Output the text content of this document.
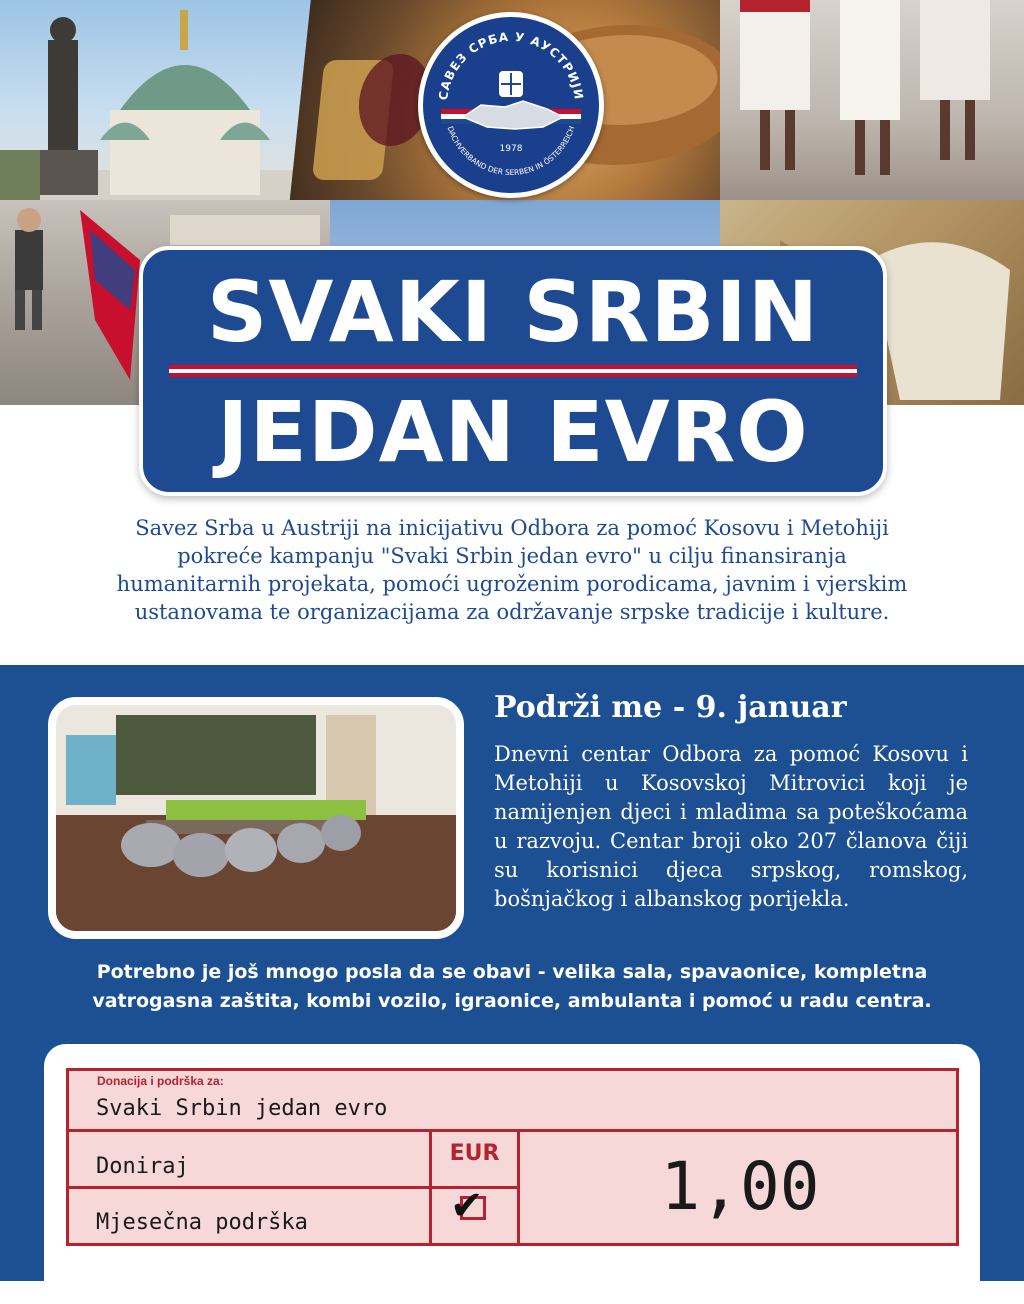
САВЕЗ СРБА У АУСТРИЈИ
DACHVERBAND DER SERBEN IN ÖSTERREICH
1978
SVAKI SRBIN
JEDAN EVRO
Savez Srba u Austriji na inicijativu Odbora za pomoć Kosovu i Metohiji
pokreće kampanju "Svaki Srbin jedan evro" u cilju finansiranja
humanitarnih projekata, pomoći ugroženim porodicama, javnim i vjerskim
ustanovama te organizacijama za održavanje srpske tradicije i kulture.
Podrži me - 9. januar
Dnevni centar Odbora za pomoć Kosovu i Metohiji u Kosovskoj Mitrovici koji je namijenjen djeci i mladima sa poteškoćama u razvoju. Centar broji oko 207 članova čiji su korisnici djeca srpskog, romskog, bošnjačkog i albanskog porijekla.
Potrebno je još mnogo posla da se obavi - velika sala, spavaonice, kompletna
vatrogasna zaštita, kombi vozilo, igraonice, ambulanta i pomoć u radu centra.
Donacija i podrška za:
Svaki Srbin jedan evro
Doniraj
Mjesečna podrška
EUR
✔	1,00
